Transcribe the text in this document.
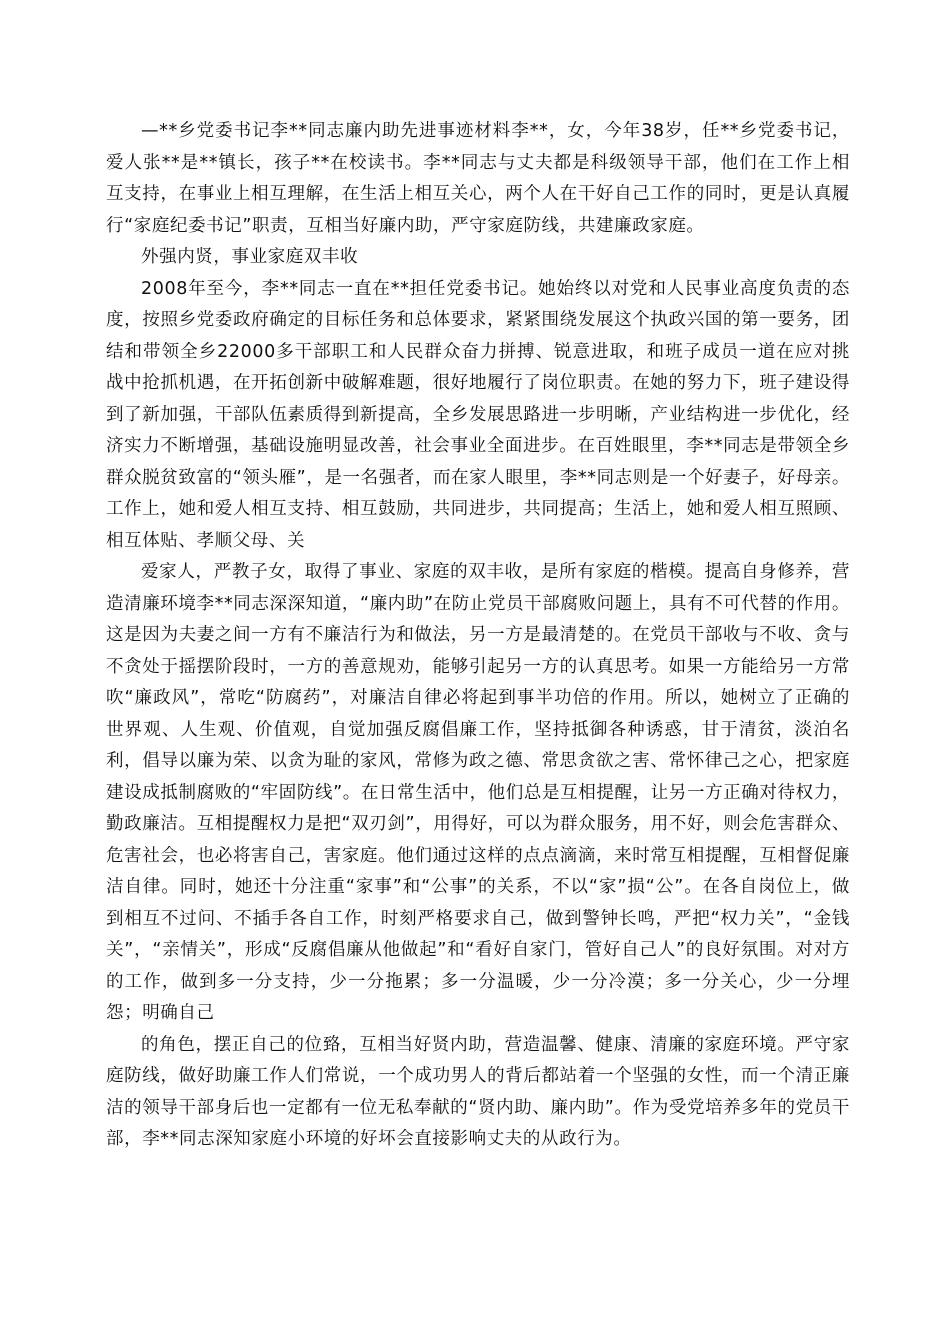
—**乡党委书记李**同志廉内助先进事迹材料李**，女，今年38岁，任**乡党委书记，爱人张**是**镇长，孩子**在校读书。李**同志与丈夫都是科级领导干部，他们在工作上相互支持，在事业上相互理解，在生活上相互关心，两个人在干好自己工作的同时，更是认真履行“家庭纪委书记”职责，互相当好廉内助，严守家庭防线，共建廉政家庭。

外强内贤，事业家庭双丰收

2008年至今，李**同志一直在**担任党委书记。她始终以对党和人民事业高度负责的态度，按照乡党委政府确定的目标任务和总体要求，紧紧围绕发展这个执政兴国的第一要务，团结和带领全乡22000多干部职工和人民群众奋力拼搏、锐意进取，和班子成员一道在应对挑战中抢抓机遇，在开拓创新中破解难题，很好地履行了岗位职责。在她的努力下，班子建设得到了新加强，干部队伍素质得到新提高，全乡发展思路进一步明晰，产业结构进一步优化，经济实力不断增强，基础设施明显改善，社会事业全面进步。在百姓眼里，李**同志是带领全乡群众脱贫致富的“领头雁”，是一名强者，而在家人眼里，李**同志则是一个好妻子，好母亲。工作上，她和爱人相互支持、相互鼓励，共同进步，共同提高；生活上，她和爱人相互照顾、相互体贴、孝顺父母、关

爱家人，严教子女，取得了事业、家庭的双丰收，是所有家庭的楷模。提高自身修养，营造清廉环境李**同志深深知道，“廉内助”在防止党员干部腐败问题上，具有不可代替的作用。这是因为夫妻之间一方有不廉洁行为和做法，另一方是最清楚的。在党员干部收与不收、贪与不贪处于摇摆阶段时，一方的善意规劝，能够引起另一方的认真思考。如果一方能给另一方常吹“廉政风”，常吃“防腐药”，对廉洁自律必将起到事半功倍的作用。所以，她树立了正确的世界观、人生观、价值观，自觉加强反腐倡廉工作，坚持抵御各种诱惑，甘于清贫，淡泊名利，倡导以廉为荣、以贪为耻的家风，常修为政之德、常思贪欲之害、常怀律己之心，把家庭建设成抵制腐败的“牢固防线”。在日常生活中，他们总是互相提醒，让另一方正确对待权力，勤政廉洁。互相提醒权力是把“双刃剑”，用得好，可以为群众服务，用不好，则会危害群众、危害社会，也必将害自己，害家庭。他们通过这样的点点滴滴，来时常互相提醒，互相督促廉洁自律。同时，她还十分注重“家事”和“公事”的关系，不以“家”损“公”。在各自岗位上，做到相互不过问、不插手各自工作，时刻严格要求自己，做到警钟长鸣，严把“权力关”，“金钱关”，“亲情关”，形成“反腐倡廉从他做起”和“看好自家门，管好自己人”的良好氛围。对对方的工作，做到多一分支持，少一分拖累；多一分温暖，少一分冷漠；多一分关心，少一分埋怨；明确自己

的角色，摆正自己的位臵，互相当好贤内助，营造温馨、健康、清廉的家庭环境。严守家庭防线，做好助廉工作人们常说，一个成功男人的背后都站着一个坚强的女性，而一个清正廉洁的领导干部身后也一定都有一位无私奉献的“贤内助、廉内助”。作为受党培养多年的党员干部，李**同志深知家庭小环境的好坏会直接影响丈夫的从政行为。
